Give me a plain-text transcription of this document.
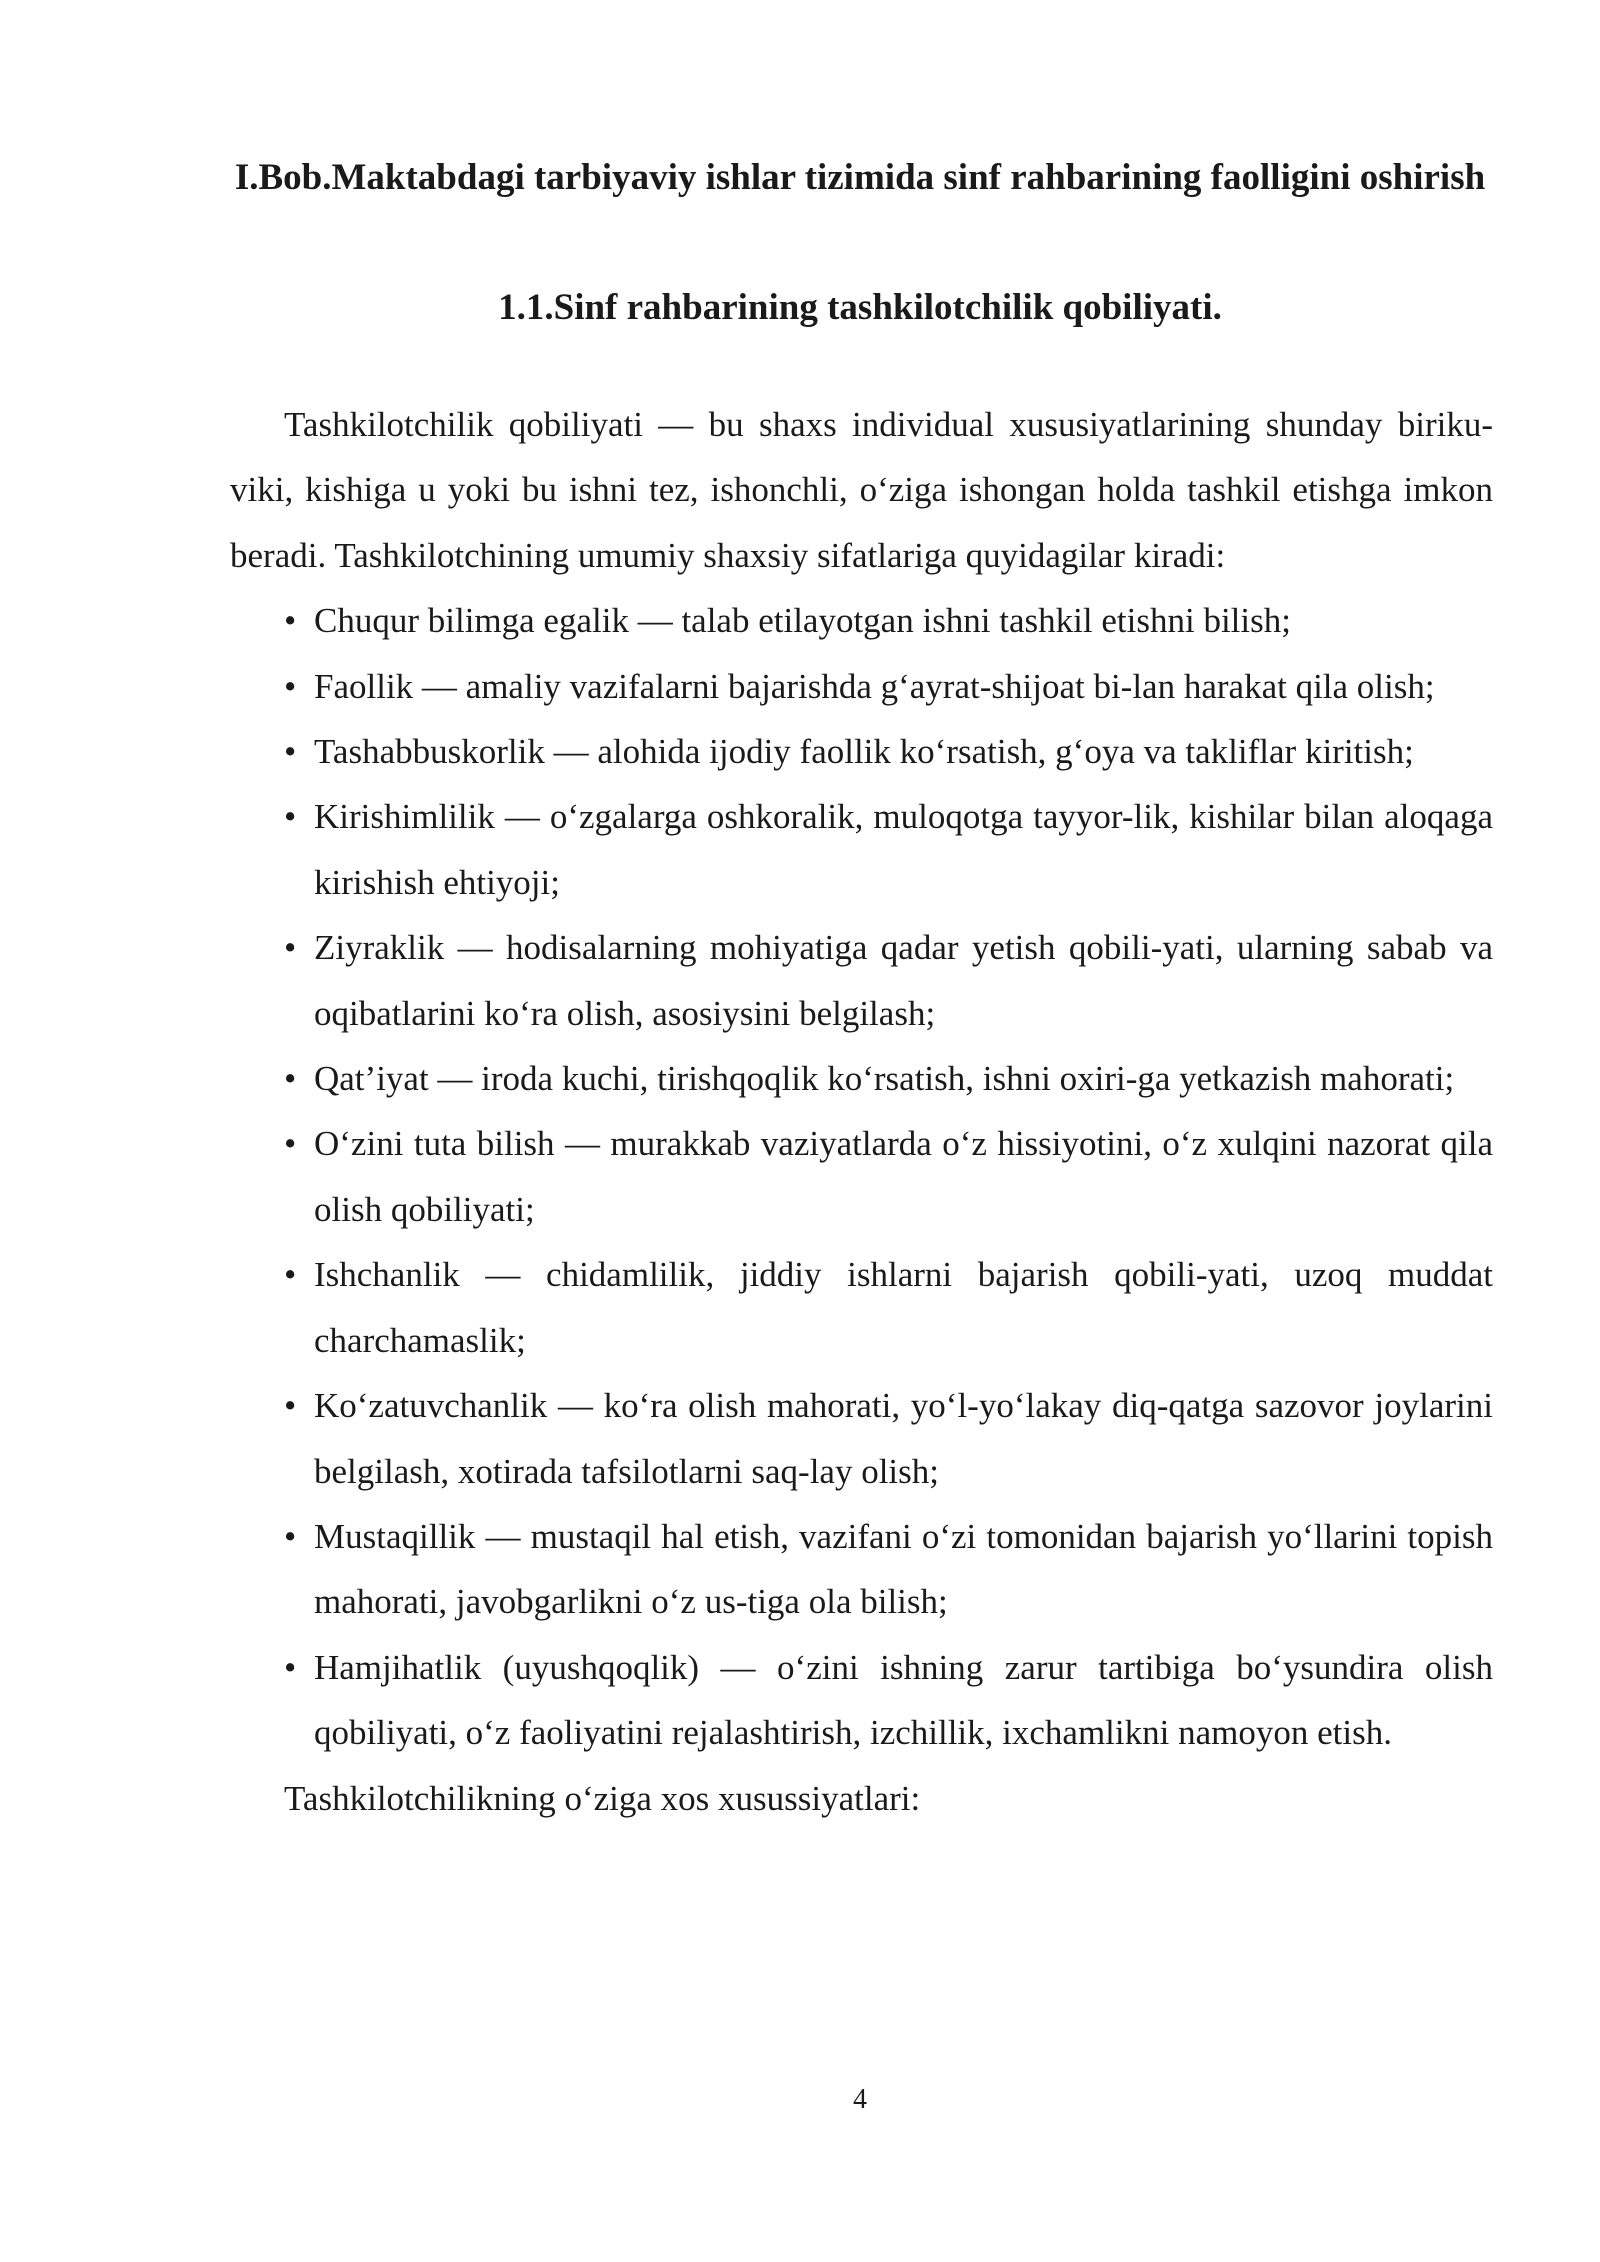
I.Bob.Maktabdagi tarbiyaviy ishlar tizimida sinf rahbarining faolligini oshirish
1.1.Sinf rahbarining tashkilotchilik qobiliyati.

Tashkilotchilik qobiliyati — bu shaxs individual xususiyatlarining shunday biriku-viki, kishiga u yoki bu ishni tez, ishonchli, o‘ziga ishongan holda tashkil etishga imkon beradi. Tashkilotchining umumiy shaxsiy sifatlariga quyidagilar kiradi:

• Chuqur bilimga egalik — talab etilayotgan ishni tashkil etishni bilish;
• Faollik — amaliy vazifalarni bajarishda g‘ayrat-shijoat bi-lan harakat qila olish;
• Tashabbuskorlik — alohida ijodiy faollik ko‘rsatish, g‘oya va takliflar kiritish;
• Kirishimlilik — o‘zgalarga oshkoralik, muloqotga tayyor-lik, kishilar bilan aloqaga kirishish ehtiyoji;
• Ziyraklik — hodisalarning mohiyatiga qadar yetish qobili-yati, ularning sabab va oqibatlarini ko‘ra olish, asosiysini belgilash;
• Qat’iyat — iroda kuchi, tirishqoqlik ko‘rsatish, ishni oxiri-ga yetkazish mahorati;
• O‘zini tuta bilish — murakkab vaziyatlarda o‘z hissiyotini, o‘z xulqini nazorat qila olish qobiliyati;
• Ishchanlik — chidamlilik, jiddiy ishlarni bajarish qobili-yati, uzoq muddat charchamaslik;
• Ko‘zatuvchanlik — ko‘ra olish mahorati, yo‘l-yo‘lakay diq-qatga sazovor joylarini belgilash, xotirada tafsilotlarni saq-lay olish;
• Mustaqillik — mustaqil hal etish, vazifani o‘zi tomonidan bajarish yo‘llarini topish mahorati, javobgarlikni o‘z us-tiga ola bilish;
• Hamjihatlik (uyushqoqlik) — o‘zini ishning zarur tartibiga bo‘ysundira olish qobiliyati, o‘z faoliyatini rejalashtirish, izchillik, ixchamlikni namoyon etish.

Tashkilotchilikning o‘ziga xos xusussiyatlari:

4
